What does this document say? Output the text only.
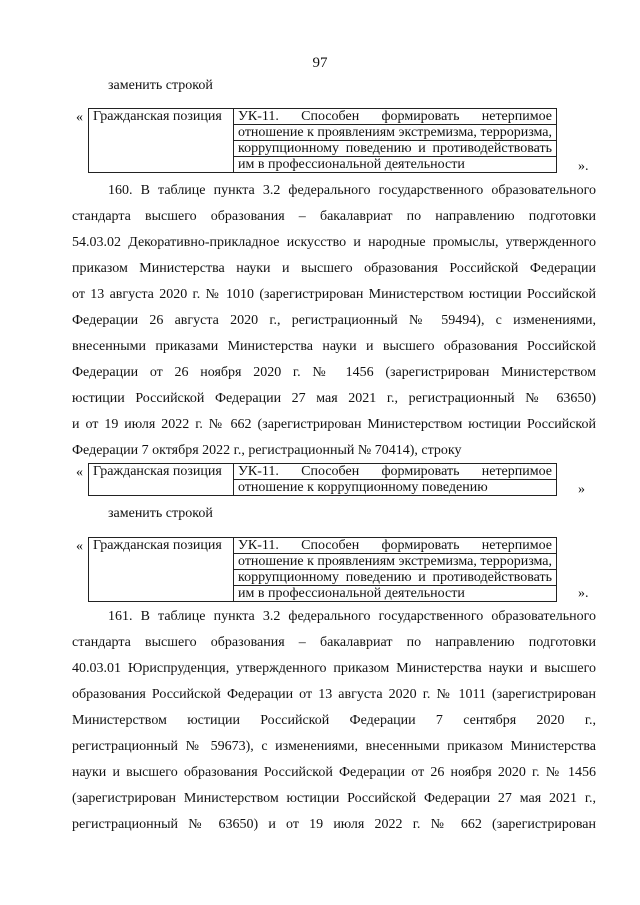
97
заменить строкой
« Гражданская позиция	УК-11. Способен формировать нетерпимое
отношение к проявлениям экстремизма, терроризма,
коррупционному поведению и противодействовать
им в профессиональной деятельности	».
160. В таблице пункта 3.2 федерального государственного образовательного
стандарта высшего образования – бакалавриат по направлению подготовки
54.03.02 Декоративно-прикладное искусство и народные промыслы, утвержденного
приказом Министерства науки и высшего образования Российской Федерации
от 13 августа 2020 г. № 1010 (зарегистрирован Министерством юстиции Российской
Федерации 26 августа 2020 г., регистрационный № 59494), с изменениями,
внесенными приказами Министерства науки и высшего образования Российской
Федерации от 26 ноября 2020 г. № 1456 (зарегистрирован Министерством
юстиции Российской Федерации 27 мая 2021 г., регистрационный № 63650)
и от 19 июля 2022 г. № 662 (зарегистрирован Министерством юстиции Российской
Федерации 7 октября 2022 г., регистрационный № 70414), строку
« Гражданская позиция	УК-11. Способен формировать нетерпимое
отношение к коррупционному поведению	»
заменить строкой
« Гражданская позиция	УК-11. Способен формировать нетерпимое
отношение к проявлениям экстремизма, терроризма,
коррупционному поведению и противодействовать
им в профессиональной деятельности	».
161. В таблице пункта 3.2 федерального государственного образовательного
стандарта высшего образования – бакалавриат по направлению подготовки
40.03.01 Юриспруденция, утвержденного приказом Министерства науки и высшего
образования Российской Федерации от 13 августа 2020 г. № 1011 (зарегистрирован
Министерством юстиции Российской Федерации 7 сентября 2020 г.,
регистрационный № 59673), с изменениями, внесенными приказом Министерства
науки и высшего образования Российской Федерации от 26 ноября 2020 г. № 1456
(зарегистрирован Министерством юстиции Российской Федерации 27 мая 2021 г.,
регистрационный № 63650) и от 19 июля 2022 г. № 662 (зарегистрирован
